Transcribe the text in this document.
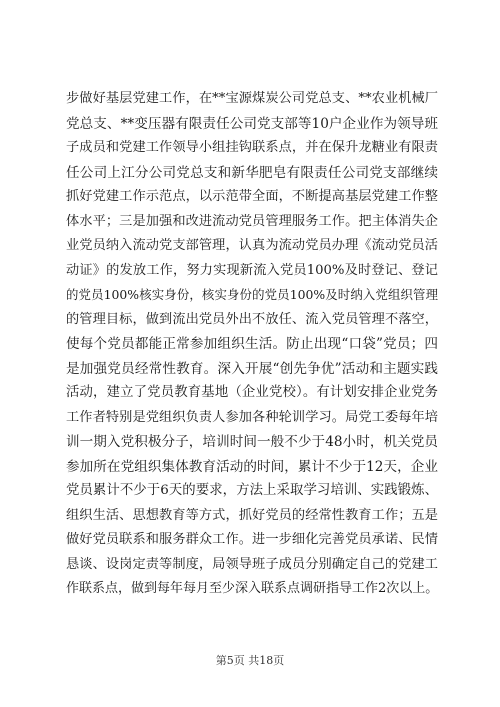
步做好基层党建工作，在**宝源煤炭公司党总支、**农业机械厂
党总支、**变压器有限责任公司党支部等10户企业作为领导班
子成员和党建工作领导小组挂钩联系点，并在保升龙糖业有限责
任公司上江分公司党总支和新华肥皂有限责任公司党支部继续
抓好党建工作示范点，以示范带全面，不断提高基层党建工作整
体水平；三是加强和改进流动党员管理服务工作。把主体消失企
业党员纳入流动党支部管理，认真为流动党员办理《流动党员活
动证》的发放工作，努力实现新流入党员100%及时登记、登记
的党员100%核实身份，核实身份的党员100%及时纳入党组织管理
的管理目标，做到流出党员外出不放任、流入党员管理不落空，
使每个党员都能正常参加组织生活。防止出现“口袋”党员；四
是加强党员经常性教育。深入开展“创先争优”活动和主题实践
活动，建立了党员教育基地（企业党校）。有计划安排企业党务
工作者特别是党组织负责人参加各种轮训学习。局党工委每年培
训一期入党积极分子，培训时间一般不少于48小时，机关党员
参加所在党组织集体教育活动的时间，累计不少于12天，企业
党员累计不少于6天的要求，方法上采取学习培训、实践锻炼、
组织生活、思想教育等方式，抓好党员的经常性教育工作；五是
做好党员联系和服务群众工作。进一步细化完善党员承诺、民情
恳谈、设岗定责等制度，局领导班子成员分别确定自己的党建工
作联系点，做到每年每月至少深入联系点调研指导工作2次以上。
第5页 共18页
